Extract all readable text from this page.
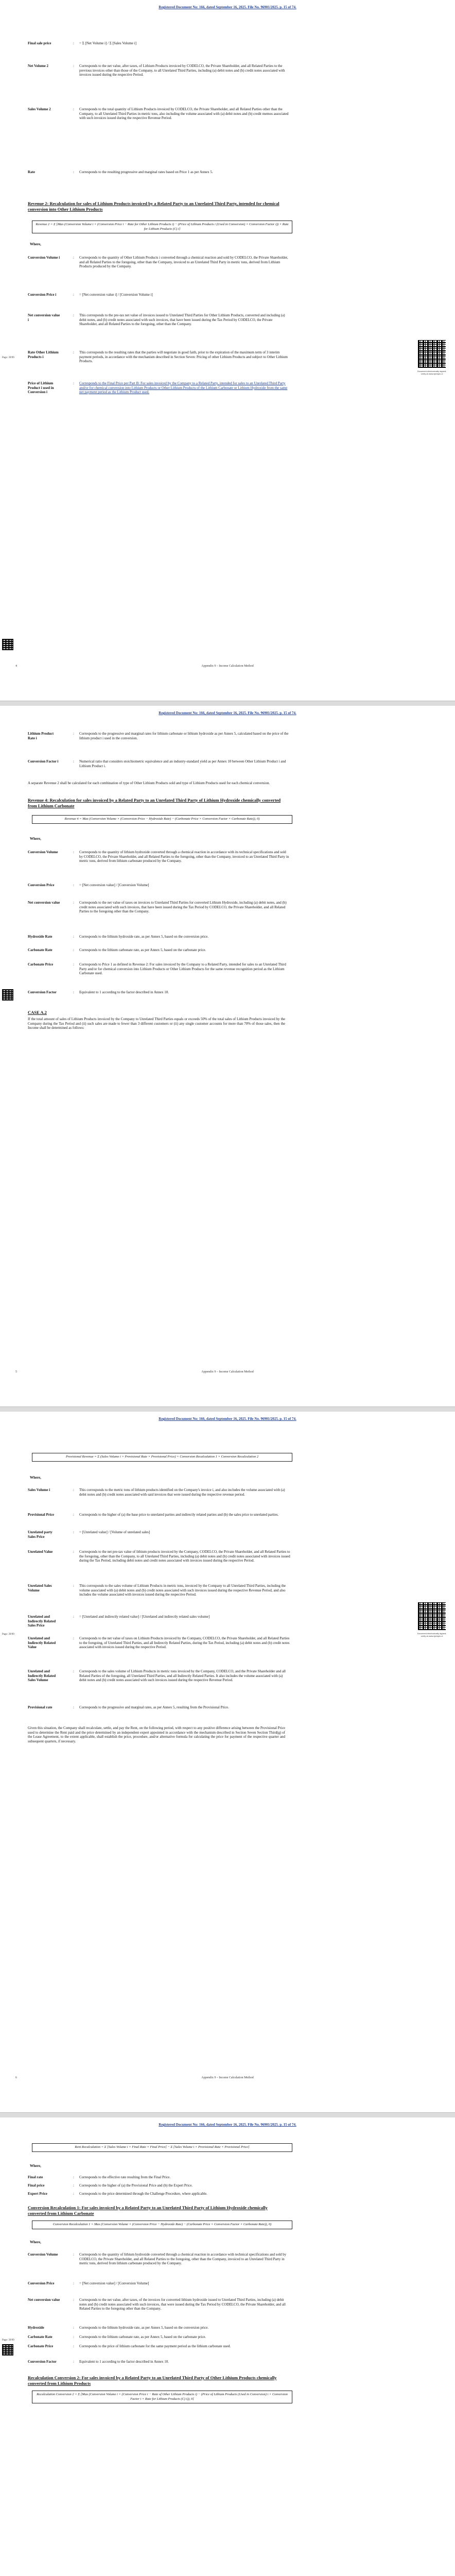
Registered Document No: 166, dated September 16, 2025. File No. 96901/2025. p. 15 of 74.
Final sale price	: = Σ [Net Volume i] / Σ [Sales Volume i]
Net Volume 2	: Corresponds to the net value, after taxes, of Lithium Products invoiced by CODELCO, the Private Shareholder, and all Related Parties to the previous invoices other than those of the Company, to all Unrelated Third Parties, including (a) debit notes and (b) credit notes associated with invoices issued during the respective Period.
Sales Volume 2	: Corresponds to the total quantity of Lithium Products invoiced by CODELCO, the Private Shareholder, and all Related Parties other than the Company, to all Unrelated Third Parties in metric tons, also including the volume associated with (a) debit notes and (b) credit memos associated with such invoices issued during the respective Revenue Period.
Rate	: Corresponds to the resulting progressive and marginal rates based on Price 1 as per Annex 5.
Revenue 2: Recalculation for sales of Lithium Products invoiced by a Related Party to an Unrelated Third Party, intended for chemical conversion into Other Lithium Products
Revenue 2 = Σ [Max (Conversion Volume i × (Conversion Price i − Rate for Other Lithium Products i) − (Price of Lithium Products i (Used in Conversion) × Conversion Factor i)) × Rate for Lithium Products (C) i]
Where,
Conversion Volume i	: Corresponds to the quantity of Other Lithium Products i converted through a chemical reaction and sold by CODELCO, the Private Shareholder, and all Related Parties to the foregoing, other than the Company, invoiced to an Unrelated Third Party in metric tons, derived from Lithium Products produced by the Company.
Conversion Price i	: = [Net conversion value i] / [Conversion Volume i]
Net conversion value i
: This corresponds to the pre-tax net value of invoices issued to Unrelated Third Parties for Other Lithium Products, converted and including (a) debit notes, and (b) credit notes associated with such invoices, that have been issued during the Tax Period by CODELCO, the Private Shareholder, and all Related Parties to the foregoing, other than the Company.
Rate Other Lithium Products i
: This corresponds to the resulting rates that the parties will negotiate in good faith, prior to the expiration of the maximum term of 3 interim payment periods, in accordance with the mechanism described in Section Seven: Pricing of other Lithium Products and subject to Other Lithium Products.
Price of Lithium Product i used in Conversion i
: Corresponds to the Final Price per Part B: For sales invoiced by the Company to a Related Party, intended for sales to an Unrelated Third Party and/or for chemical conversion into Lithium Products or Other Lithium Products of the Lithium Carbonate or Lithium Hydroxide from the same net payment period as the Lithium Product used.
Page: 39/99
Document electronically signed; verify at www.ejemplo.cl
4	Appendix 9 – Income Calculation Method
Registered Document No: 166, dated September 16, 2025. File No. 96901/2025. p. 15 of 74.
Lithium Product Rate i
: Corresponds to the progressive and marginal rates for lithium carbonate or lithium hydroxide as per Annex 5, calculated based on the price of the lithium product i used in the conversion.
Conversion Factor i	: Numerical ratio that considers stoichiometric equivalence and an industry-standard yield as per Annex 10 between Other Lithium Product i and Lithium Product i.
A separate Revenue 2 shall be calculated for each combination of type of Other Lithium Products sold and type of Lithium Products used for each chemical conversion.
Revenue 4: Recalculation for sales invoiced by a Related Party to an Unrelated Third Party of Lithium Hydroxide chemically converted from Lithium Carbonate
Revenue 4 = Max (Conversion Volume × (Conversion Price − Hydroxide Rate) − (Carbonate Price × Conversion Factor × Carbonate Rate)), 0)
Where,
Conversion Volume	: Corresponds to the quantity of lithium hydroxide converted through a chemical reaction in accordance with its technical specifications and sold by CODELCO, the Private Shareholder, and all Related Parties to the foregoing, other than the Company, invoiced to an Unrelated Third Party in metric tons, derived from lithium carbonate produced by the Company.
Conversion Price	: = [Net conversion value] / [Conversion Volume]
Net conversion value	: Corresponds to the net value of taxes on invoices to Unrelated Third Parties for converted Lithium Hydroxide, including (a) debit notes, and (b) credit notes associated with such invoices, that have been issued during the Tax Period by CODELCO, the Private Shareholder, and all Related Parties to the foregoing other than the Company.
Hydroxide Rate	: Corresponds to the lithium hydroxide rate, as per Annex 5, based on the conversion price.
Carbonate Rate	: Corresponds to the lithium carbonate rate, as per Annex 5, based on the carbonate price.
Carbonate Price	: Corresponds to Price 1 as defined in Revenue 2: For sales invoiced by the Company to a Related Party, intended for sales to an Unrelated Third Party and/or for chemical conversion into Lithium Products or Other Lithium Products for the same revenue recognition period as the Lithium Carbonate used.
Conversion Factor	: Equivalent to 1 according to the factor described in Annex 10.
CASE A.2
If the total amount of sales of Lithium Products invoiced by the Company to Unrelated Third Parties equals or exceeds 50% of the total sales of Lithium Products invoiced by the Company during the Tax Period and (ii) such sales are made to fewer than 3 different customers or (ii) any single customer accounts for more than 70% of those sales, then the Income shall be determined as follows:
5	Appendix 9 – Income Calculation Method
Registered Document No: 166, dated September 16, 2025. File No. 96901/2025. p. 15 of 74.
Provisional Revenue = Σ (Sales Volume i × Provisional Rate × Provisional Price) × Conversion Recalculation 1 × Conversion Recalculation 2
Where,
Sales Volume i	: This corresponds to the metric tons of lithium products identified on the Company's invoice i, and also includes the volume associated with (a) debit notes and (b) credit notes associated with said invoices that were issued during the respective revenue period.
Provisional Price	: Corresponds to the higher of (a) the base price to unrelated parties and indirectly related parties and (b) the sales price to unrelated parties.
Unrelated party Sales Price
: = [Unrelated value] / [Volume of unrelated sales]
Unrelated Value	: Corresponds to the net pre-tax value of lithium products invoiced by the Company, CODELCO, the Private Shareholder, and all Related Parties to the foregoing, other than the Company, to all Unrelated Third Parties, including (a) debit notes and (b) credit notes associated with invoices issued during the Tax Period, including debit notes and credit notes associated with invoices issued during the respective Period.
Unrelated Sales Volume
: This corresponds to the sales volume of Lithium Products in metric tons, invoiced by the Company to all Unrelated Third Parties, including the volume associated with (a) debit notes and (b) credit notes associated with such invoices issued during the respective Revenue Period, and also includes the volume associated with invoices issued during the respective Period.
Unrelated and Indirectly Related Sales Price
: = [Unrelated and indirectly related value] / [Unrelated and indirectly related sales volume]
Unrelated and Indirectly Related Value
: Corresponds to the net value of taxes on Lithium Products invoiced by the Company, CODELCO, the Private Shareholder, and all Related Parties to the foregoing, of Unrelated Third Parties, and all Indirectly Related Parties, during the Tax Period, including (a) debit notes and (b) credit notes associated with invoices issued during the respective Period.
Unrelated and Indirectly Related Sales Volume
: Corresponds to the sales volume of Lithium Products in metric tons invoiced by the Company, CODELCO, and the Private Shareholder and all Related Parties of the foregoing, all Unrelated Third Parties, and all Indirectly Related Parties. It also includes the volume associated with (a) debit notes and (b) credit notes associated with such invoices issued during the respective Revenue Period.
Provisional rate	: Corresponds to the progressive and marginal rates, as per Annex 5, resulting from the Provisional Price.
Given this situation, the Company shall recalculate, settle, and pay the Rent, on the following period, with respect to any positive difference arising between the Provisional Price used to determine the Rent paid and the price determined by an independent expert appointed in accordance with the mechanism described in Section Seven Section Third(g) of the Lease Agreement, to the extent applicable, shall establish the price, procedure, and/or alternative formula for calculating the price for payment of the respective quarter and subsequent quarters, if necessary.
Page: 39/99	Document electronically signed; verify at www.ejemplo.cl
6	Appendix 9 – Income Calculation Method
Registered Document No: 166, dated September 16, 2025. File No. 96901/2025. p. 15 of 74.
Rent Recalculation = Σ [Sales Volume i × Final Rate × Final Price] − Σ [Sales Volume i × Provisional Rate × Provisional Price]
Where,
Final rate	: Corresponds to the effective rate resulting from the Final Price.
Final price	: Corresponds to the higher of (a) the Provisional Price and (b) the Expert Price.
Expert Price	: Corresponds to the price determined through the Challenge Procedure, where applicable.
Conversion Recalculation 1: For sales invoiced by a Related Party to an Unrelated Third Party of Lithium Hydroxide chemically converted from Lithium Carbonate
Conversion Recalculation 1 = Max (Conversion Volume × (Conversion Price − Hydroxide Rate) − (Carbonate Price × Conversion Factor × Carbonate Rate)), 0)
Where,
Conversion Volume	: Corresponds to the quantity of lithium hydroxide converted through a chemical reaction in accordance with technical specifications and sold by CODELCO, the Private Shareholder, and all Related Parties to the foregoing, other than the Company, invoiced to an Unrelated Third Party in metric tons, derived from lithium carbonate produced by the Company.
Conversion Price	: = [Net conversion value] / [Conversion Volume]
Net conversion value	: Corresponds to the net value, after taxes, of the invoices for converted lithium hydroxide issued to Unrelated Third Parties, including (a) debit notes and (b) credit notes associated with such invoices, that were issued during the Tax Period by CODELCO, the Private Shareholder, and all Related Parties to the foregoing other than the Company.
Hydroxide	: Corresponds to the lithium hydroxide rate, as per Annex 5, based on the conversion price.
Carbonate Rate	: Corresponds to the lithium carbonate rate, as per Annex 5, based on the carbonate price.
Carbonate Price	: Corresponds to the price of lithium carbonate for the same payment period as the lithium carbonate used.
Conversion Factor	: Equivalent to 1 according to the factor described in Annex 10.
Recalculation Conversion 2: For sales invoiced by a Related Party to an Unrelated Third Party of Other Lithium Products chemically converted from Lithium Products
Recalculation Conversion 2 = Σ [Max (Conversion Volume i × (Conversion Price i − Rate of Other Lithium Products i) − (Price of Lithium Products (Used in Conversion) i × Conversion Factor i × Rate for Lithium Products (C) i)), 0]
Page: 39/99
